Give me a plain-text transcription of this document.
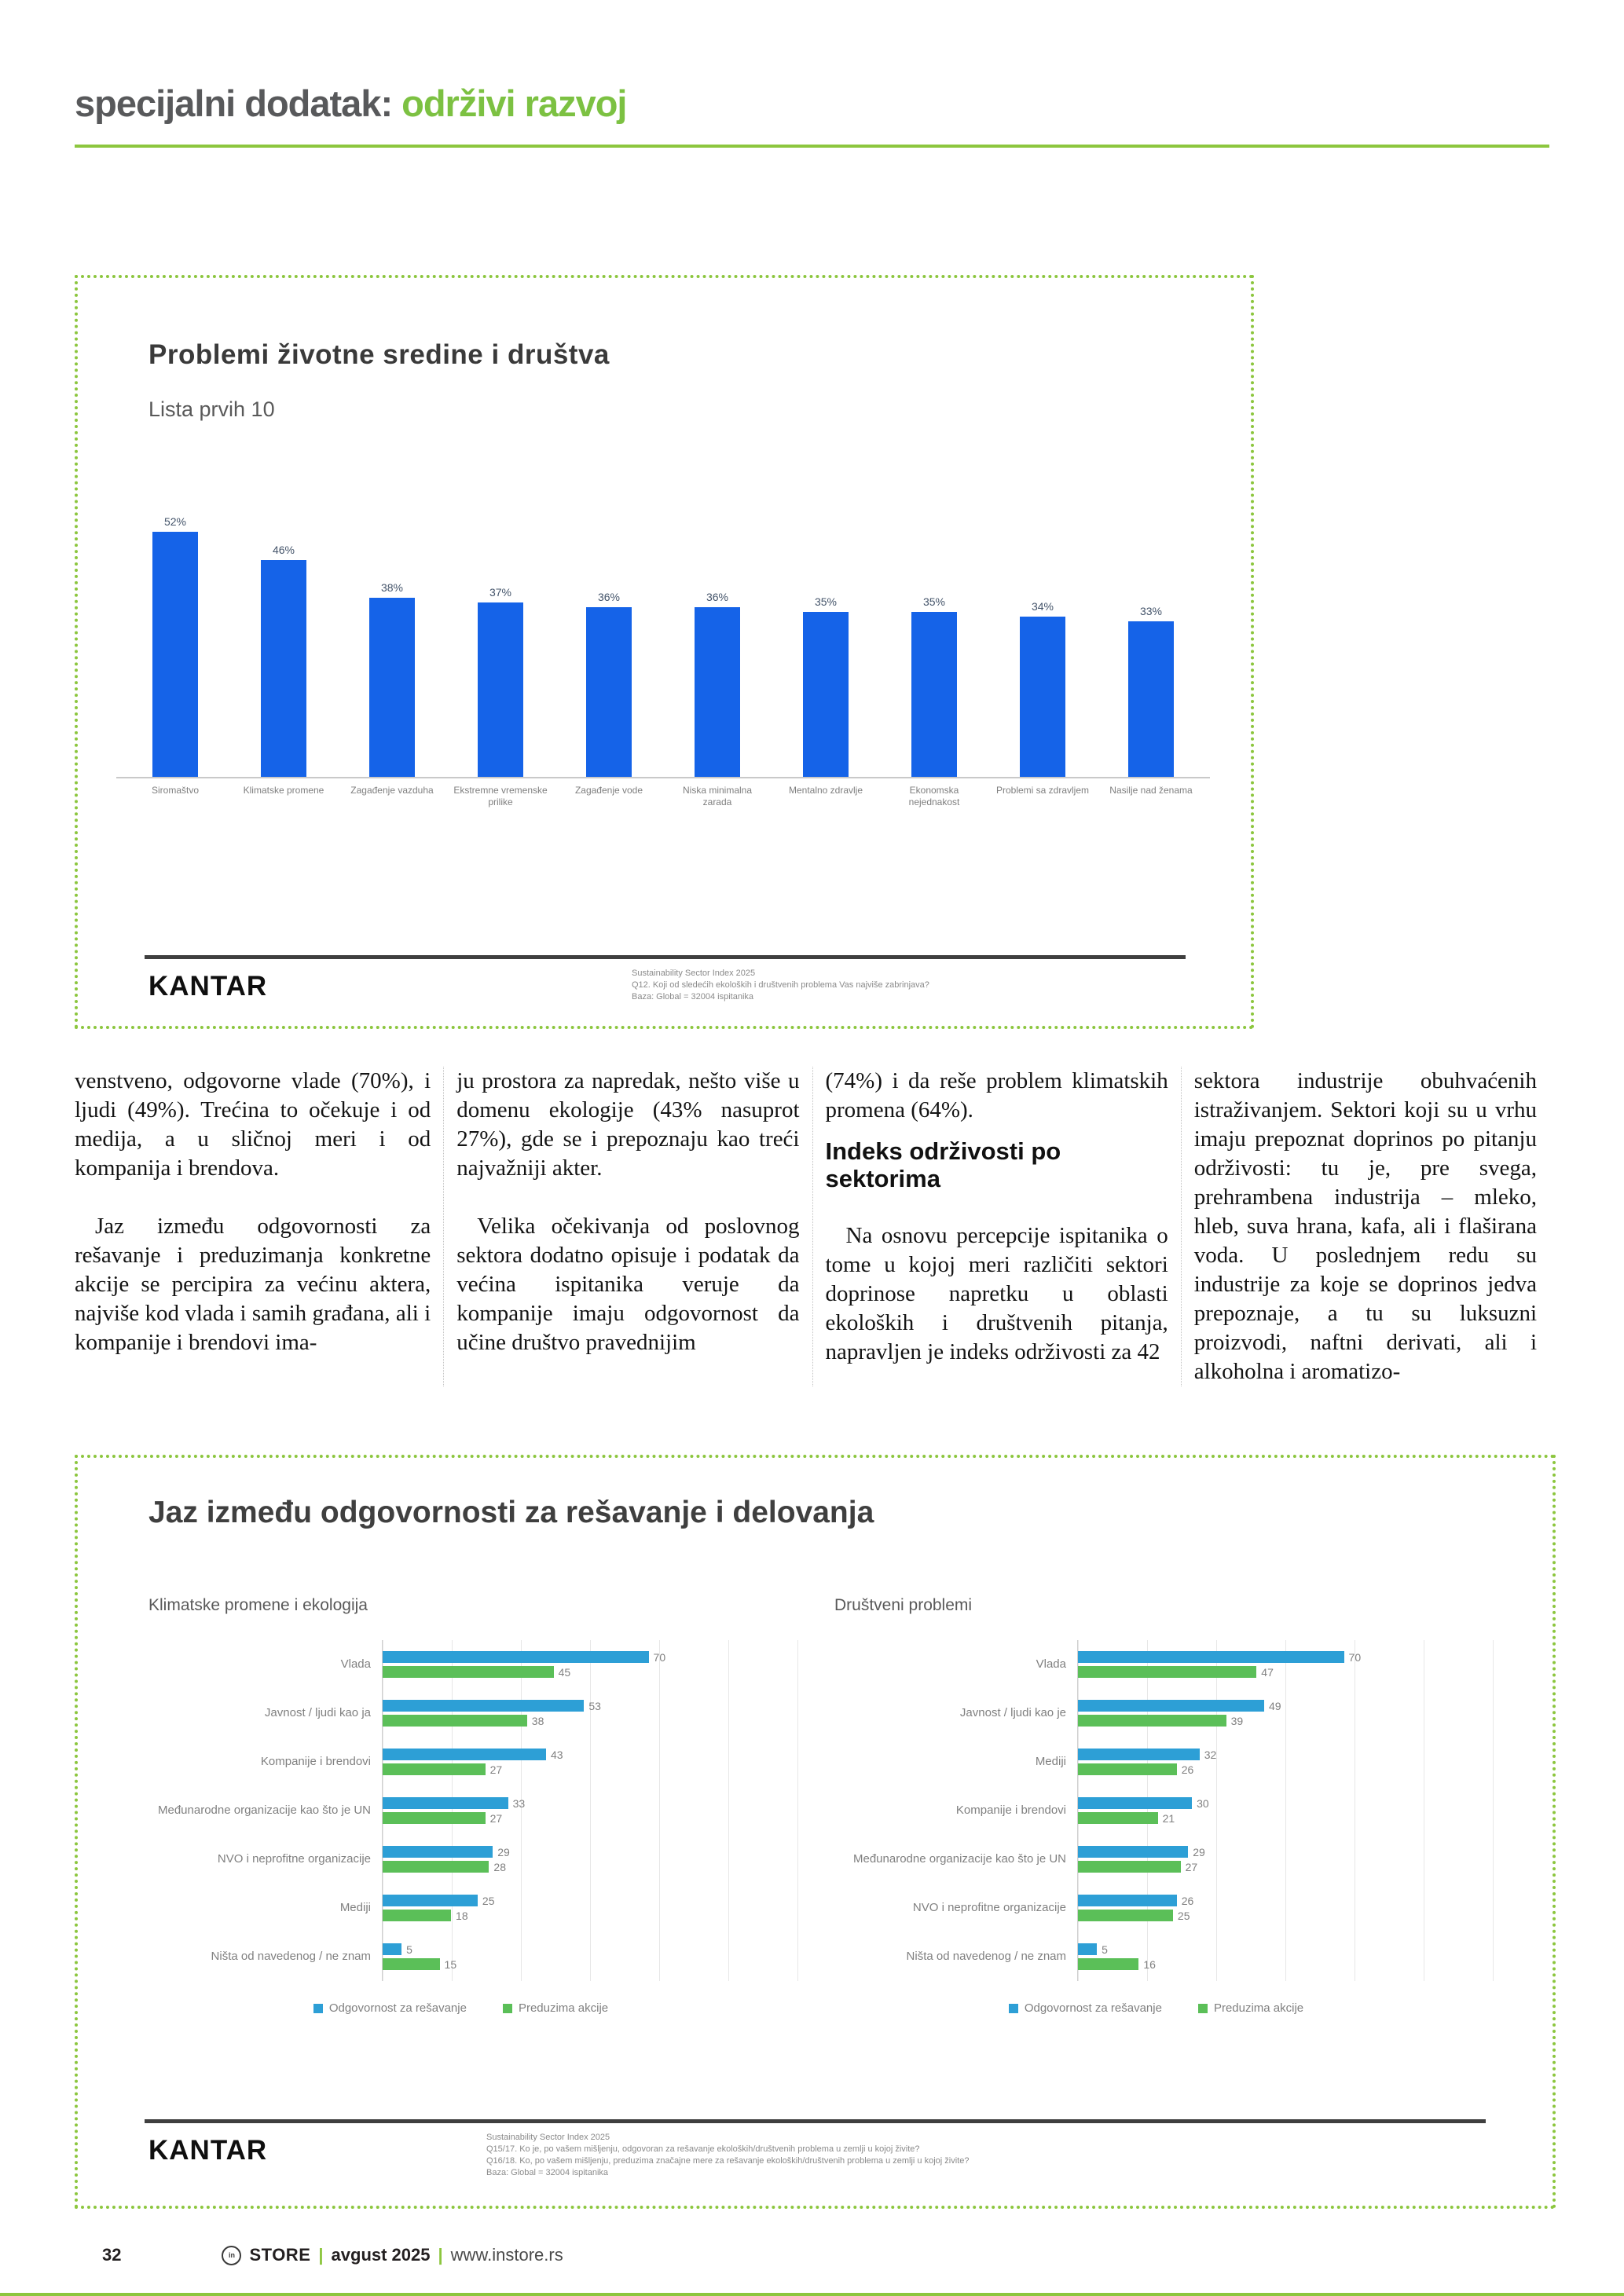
specijalni dodatak: održivi razvoj
Problemi životne sredine i društva
Lista prvih 10
52%
46%
38%	37%	36%	36%	35%	35%	34%	33%
Siromaštvo	Klimatske promene	Zagađenje vazduha	Ekstremne vremenske prilike
Zagađenje vode	Niska minimalna zarada
Mentalno zdravlje	Ekonomska nejednakost
Problemi sa zdravljem	Nasilje nad ženama
KANTAR	Sustainability Sector Index 2025
Q12. Koji od sledećih ekoloških i društvenih problema Vas najviše zabrinjava?
Baza: Global = 32004 ispitanika

venstveno, odgovorne vlade (70%), i ljudi (49%). Trećina to očekuje i od medija, a u sličnoj meri i od kompanija i brendova.

Jaz između odgovornosti za rešavanje i preduzimanja konkretne akcije se percipira za većinu aktera, najviše kod vlada i samih građana, ali i kompanije i brendovi ima-

ju prostora za napredak, nešto više u domenu ekologije (43% nasuprot 27%), gde se i prepoznaju kao treći najvažniji akter.

Velika očekivanja od poslovnog sektora dodatno opisuje i podatak da većina ispitanika veruje da kompanije imaju odgovornost da učine društvo pravednijim

(74%) i da reše problem klimatskih promena (64%).

Indeks održivosti po sektorima

Na osnovu percepcije ispitanika o tome u kojoj meri različiti sektori doprinose napretku u oblasti ekoloških i društvenih pitanja, napravljen je indeks održivosti za 42

sektora industrije obuhvaćenih istraživanjem. Sektori koji su u vrhu imaju prepoznat doprinos po pitanju održivosti: tu je, pre svega, prehrambena industrija – mleko, hleb, suva hrana, kafa, ali i flaširana voda. U poslednjem redu su industrije za koje se doprinos jedva prepoznaje, a tu su luksuzni proizvodi, naftni derivati, ali i alkoholna i aromatizo-

Jaz između odgovornosti za rešavanje i delovanja
Klimatske promene i ekologija	Društveni problemi
Vlada
70
45
Javnost / ljudi kao ja
53
38
Kompanije i brendovi
43
27
Međunarodne organizacije kao što je UN
33
27
NVO i neprofitne organizacije
29
28
Mediji
25
18
Ništa od navedenog / ne znam
5
15
Odgovornost za rešavanje	Preduzima akcije
Vlada
70
47
Javnost / ljudi kao je
49
39
Mediji
32
26
Kompanije i brendovi
30
21
Međunarodne organizacije kao što je UN
29
27
NVO i neprofitne organizacije
26
25
Ništa od navedenog / ne znam
5
16
Odgovornost za rešavanje	Preduzima akcije
KANTAR	Sustainability Sector Index 2025
Q15/17. Ko je, po vašem mišljenju, odgovoran za rešavanje ekoloških/društvenih problema u zemlji u kojoj živite?
Q16/18. Ko, po vašem mišljenju, preduzima značajne mere za rešavanje ekoloških/društvenih problema u zemlji u kojoj živite?
Baza: Global = 32004 ispitanika
32	in STORE | avgust 2025 | www.instore.rs
